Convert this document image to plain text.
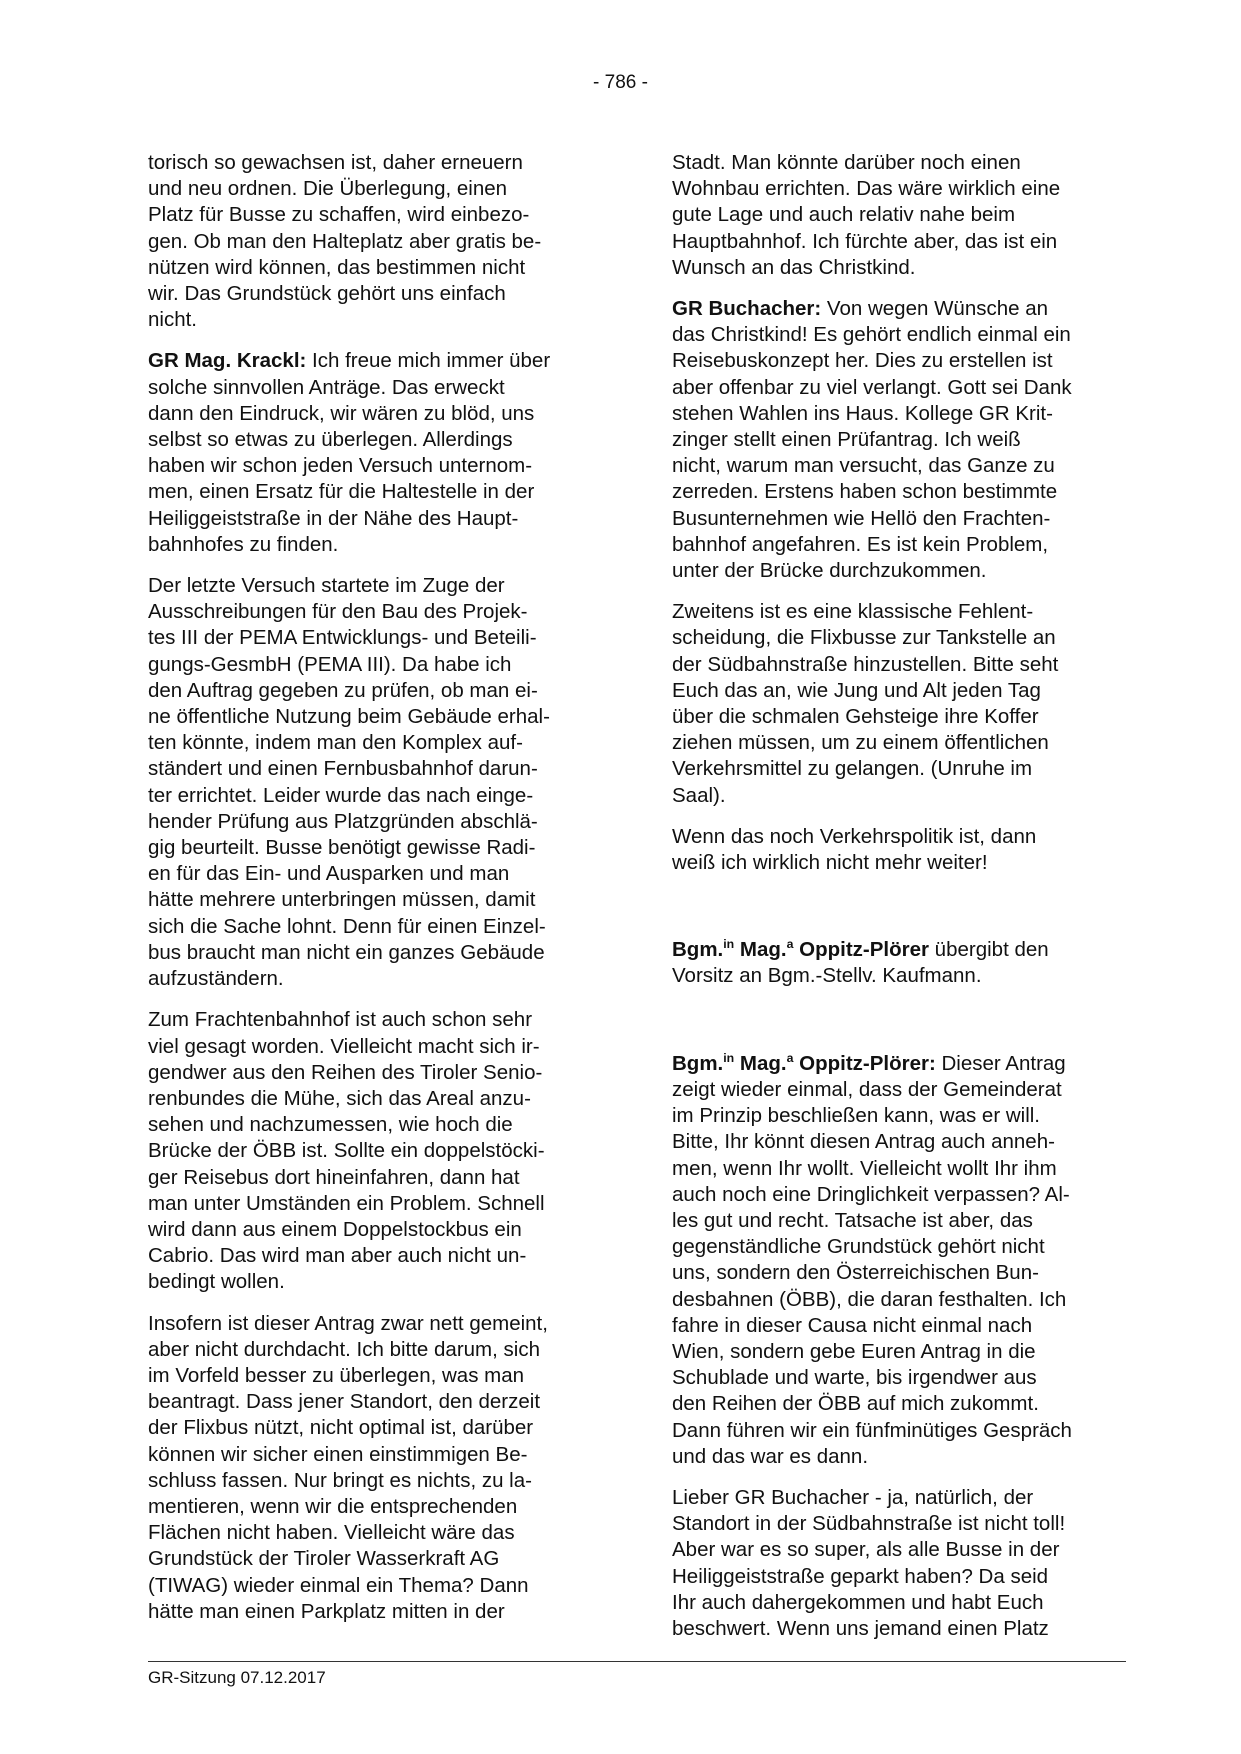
- 786 -

torisch so gewachsen ist, daher erneuern
und neu ordnen. Die Überlegung, einen
Platz für Busse zu schaffen, wird einbezo-
gen. Ob man den Halteplatz aber gratis be-
nützen wird können, das bestimmen nicht
wir. Das Grundstück gehört uns einfach
nicht.

GR Mag. Krackl: Ich freue mich immer über
solche sinnvollen Anträge. Das erweckt
dann den Eindruck, wir wären zu blöd, uns
selbst so etwas zu überlegen. Allerdings
haben wir schon jeden Versuch unternom-
men, einen Ersatz für die Haltestelle in der
Heiliggeiststraße in der Nähe des Haupt-
bahnhofes zu finden.

Der letzte Versuch startete im Zuge der
Ausschreibungen für den Bau des Projek-
tes III der PEMA Entwicklungs- und Beteili-
gungs-GesmbH (PEMA III). Da habe ich
den Auftrag gegeben zu prüfen, ob man ei-
ne öffentliche Nutzung beim Gebäude erhal-
ten könnte, indem man den Komplex auf-
ständert und einen Fernbusbahnhof darun-
ter errichtet. Leider wurde das nach einge-
hender Prüfung aus Platzgründen abschlä-
gig beurteilt. Busse benötigt gewisse Radi-
en für das Ein- und Ausparken und man
hätte mehrere unterbringen müssen, damit
sich die Sache lohnt. Denn für einen Einzel-
bus braucht man nicht ein ganzes Gebäude
aufzuständern.

Zum Frachtenbahnhof ist auch schon sehr
viel gesagt worden. Vielleicht macht sich ir-
gendwer aus den Reihen des Tiroler Senio-
renbundes die Mühe, sich das Areal anzu-
sehen und nachzumessen, wie hoch die
Brücke der ÖBB ist. Sollte ein doppelstöcki-
ger Reisebus dort hineinfahren, dann hat
man unter Umständen ein Problem. Schnell
wird dann aus einem Doppelstockbus ein
Cabrio. Das wird man aber auch nicht un-
bedingt wollen.

Insofern ist dieser Antrag zwar nett gemeint,
aber nicht durchdacht. Ich bitte darum, sich
im Vorfeld besser zu überlegen, was man
beantragt. Dass jener Standort, den derzeit
der Flixbus nützt, nicht optimal ist, darüber
können wir sicher einen einstimmigen Be-
schluss fassen. Nur bringt es nichts, zu la-
mentieren, wenn wir die entsprechenden
Flächen nicht haben. Vielleicht wäre das
Grundstück der Tiroler Wasserkraft AG
(TIWAG) wieder einmal ein Thema? Dann
hätte man einen Parkplatz mitten in der

Stadt. Man könnte darüber noch einen
Wohnbau errichten. Das wäre wirklich eine
gute Lage und auch relativ nahe beim
Hauptbahnhof. Ich fürchte aber, das ist ein
Wunsch an das Christkind.

GR Buchacher: Von wegen Wünsche an
das Christkind! Es gehört endlich einmal ein
Reisebuskonzept her. Dies zu erstellen ist
aber offenbar zu viel verlangt. Gott sei Dank
stehen Wahlen ins Haus. Kollege GR Krit-
zinger stellt einen Prüfantrag. Ich weiß
nicht, warum man versucht, das Ganze zu
zerreden. Erstens haben schon bestimmte
Busunternehmen wie Hellö den Frachten-
bahnhof angefahren. Es ist kein Problem,
unter der Brücke durchzukommen.

Zweitens ist es eine klassische Fehlent-
scheidung, die Flixbusse zur Tankstelle an
der Südbahnstraße hinzustellen. Bitte seht
Euch das an, wie Jung und Alt jeden Tag
über die schmalen Gehsteige ihre Koffer
ziehen müssen, um zu einem öffentlichen
Verkehrsmittel zu gelangen. (Unruhe im
Saal).

Wenn das noch Verkehrspolitik ist, dann
weiß ich wirklich nicht mehr weiter!

Bgm.$^{in}$ Mag.$^a$ Oppitz-Plörer übergibt den
Vorsitz an Bgm.-Stellv. Kaufmann.

Bgm.$^{in}$ Mag.$^a$ Oppitz-Plörer: Dieser Antrag
zeigt wieder einmal, dass der Gemeinderat
im Prinzip beschließen kann, was er will.
Bitte, Ihr könnt diesen Antrag auch anneh-
men, wenn Ihr wollt. Vielleicht wollt Ihr ihm
auch noch eine Dringlichkeit verpassen? Al-
les gut und recht. Tatsache ist aber, das
gegenständliche Grundstück gehört nicht
uns, sondern den Österreichischen Bun-
desbahnen (ÖBB), die daran festhalten. Ich
fahre in dieser Causa nicht einmal nach
Wien, sondern gebe Euren Antrag in die
Schublade und warte, bis irgendwer aus
den Reihen der ÖBB auf mich zukommt.
Dann führen wir ein fünfminütiges Gespräch
und das war es dann.

Lieber GR Buchacher - ja, natürlich, der
Standort in der Südbahnstraße ist nicht toll!
Aber war es so super, als alle Busse in der
Heiliggeiststraße geparkt haben? Da seid
Ihr auch dahergekommen und habt Euch
beschwert. Wenn uns jemand einen Platz

GR-Sitzung 07.12.2017
